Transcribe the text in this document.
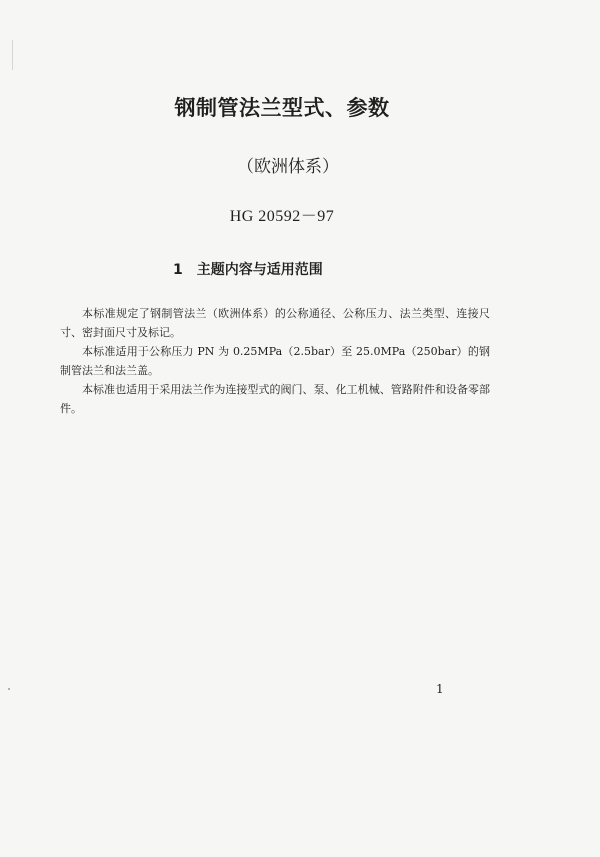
钢制管法兰型式、参数
（欧洲体系）
HG 20592－97
1 主题内容与适用范围

本标准规定了钢制管法兰（欧洲体系）的公称通径、公称压力、法兰类型、连接尺寸、密封面尺寸及标记。

本标准适用于公称压力 PN 为 0.25MPa（2.5bar）至 25.0MPa（250bar）的钢制管法兰和法兰盖。

本标准也适用于采用法兰作为连接型式的阀门、泵、化工机械、管路附件和设备零部件。

1
